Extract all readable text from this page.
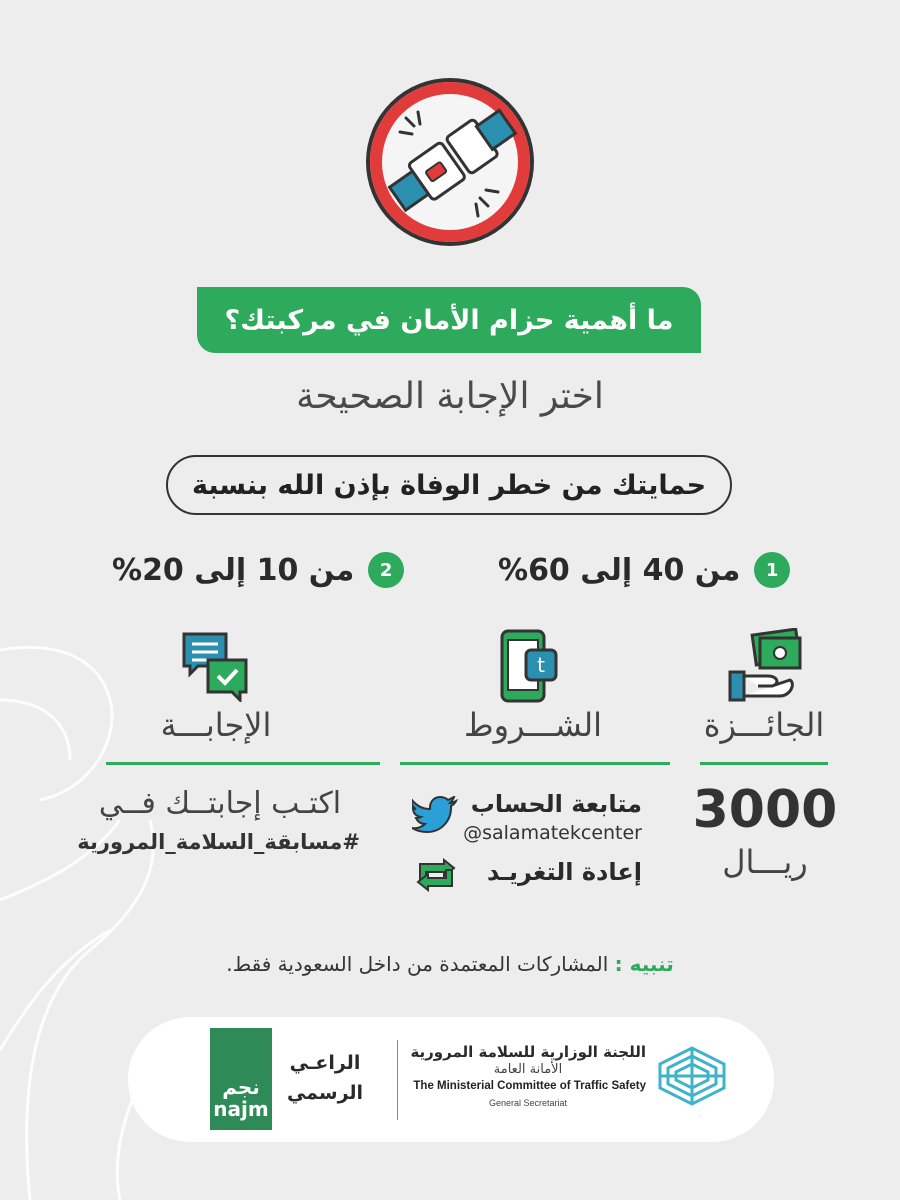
ما أهمية حزام الأمان في مركبتك؟
اختر الإجابة الصحيحة
حمايتك من خطر الوفاة بإذن الله بنسبة
1
من 40 إلى 60%
2
من 10 إلى 20%
الجائـــزة
3000
ريـــال
t
الشـــروط
متابعة الحساب
@salamatekcenter
إعادة التغريـد
الإجابـــة
اكتـب إجابتــك فــي
#مسابقة_السلامة_المرورية
تنبيه : المشاركات المعتمدة من داخل السعودية فقط.
نجم
najm
الراعـي
الرسمي
اللجنة الوزارية للسلامة المرورية
الأمانة العامة
The Ministerial Committee of Traffic Safety
General Secretariat
